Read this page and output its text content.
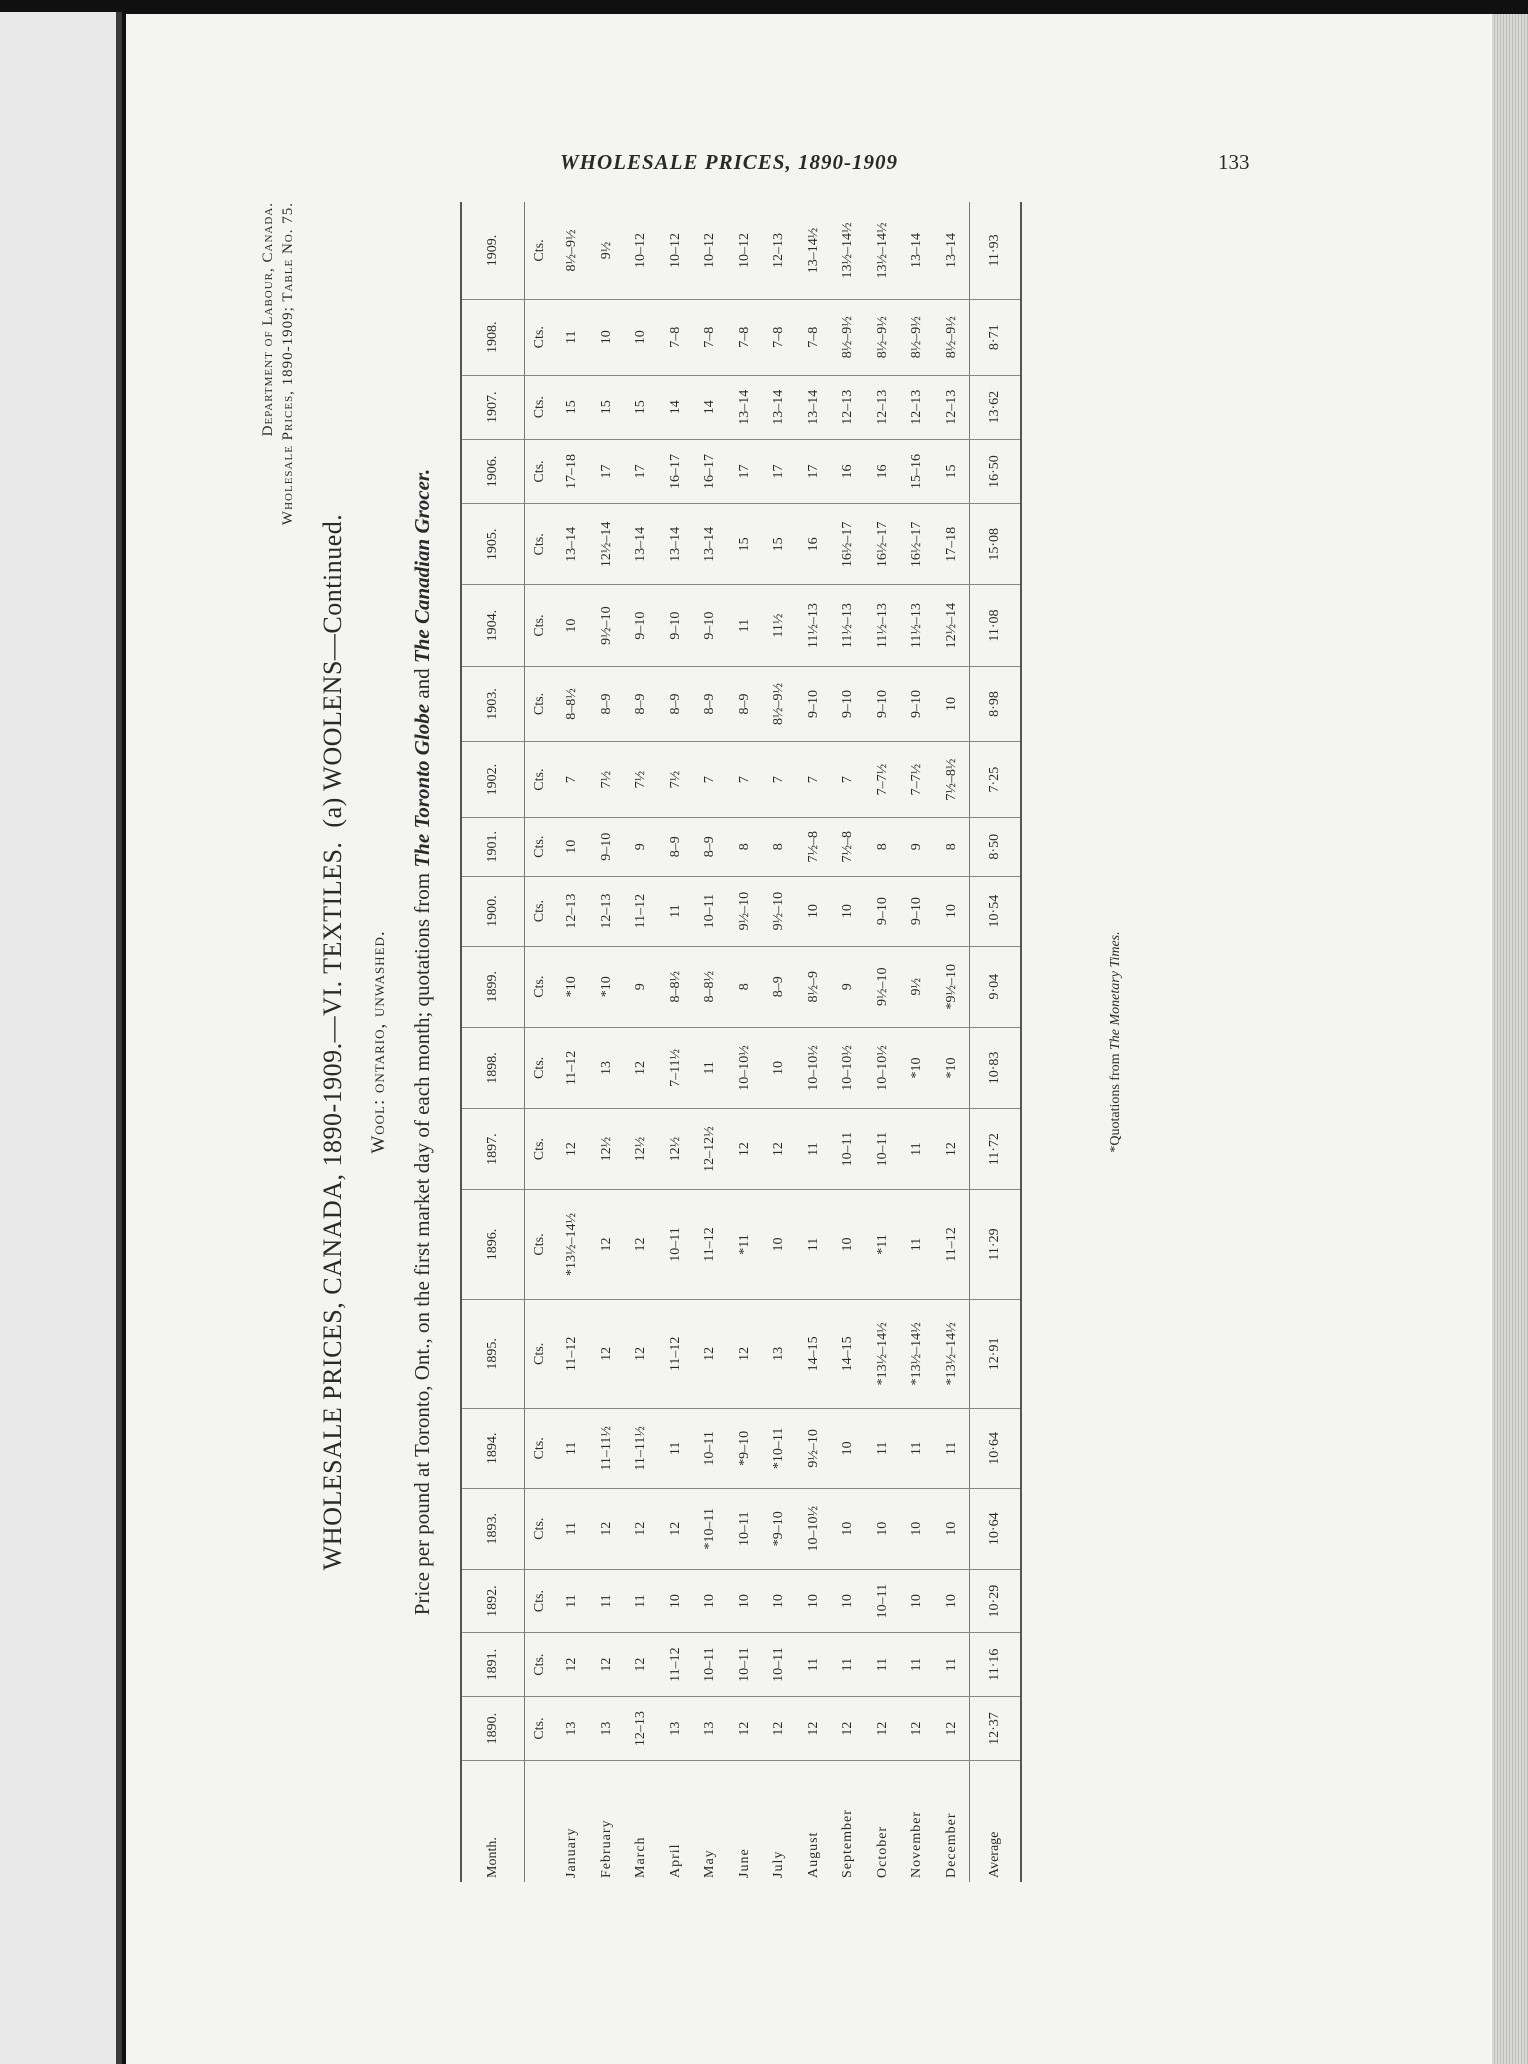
WHOLESALE PRICES, 1890-1909	133
Department of Labour, Canada. Wholesale Prices, 1890-1909; Table No. 75.
WHOLESALE PRICES, CANADA, 1890-1909.—VI. TEXTILES.  (a) WOOLENS—Continued.
Wool: ontario, unwashed. Price per pound at Toronto, Ont., on the first market day of each month; quotations from The Toronto Globe and The Canadian Grocer.
Month.	1890.	1891.	1892.	1893.	1894.	1895.	1896.	1897.	1898.	1899.	1900.	1901.	1902.	1903.	1904.	1905.	1906.	1907.	1908.	1909.
	Cts.	Cts.	Cts.	Cts.	Cts.	Cts.	Cts.	Cts.	Cts.	Cts.	Cts.	Cts.	Cts.	Cts.	Cts.	Cts.	Cts.	Cts.	Cts.	Cts.
January	13	12	11	11	11	11–12	*13½–14½	12	11–12	*10	12–13	10	7	8–8½	10	13–14	17–18	15	11	8½–9½
February	13	12	11	12	11–11½	12	12	12½	13	*10	12–13	9–10	7½	8–9	9½–10	12½–14	17	15	10	9½
March	12–13	12	11	12	11–11½	12	12	12½	12	9	11–12	9	7½	8–9	9–10	13–14	17	15	10	10–12
April	13	11–12	10	12	11	11–12	10–11	12½	7–11½	8–8½	11	8–9	7½	8–9	9–10	13–14	16–17	14	7–8	10–12
May	13	10–11	10	*10–11	10–11	12	11–12	12–12½	11	8–8½	10–11	8–9	7	8–9	9–10	13–14	16–17	14	7–8	10–12
June	12	10–11	10	10–11	*9–10	12	*11	12	10–10½	8	9½–10	8	7	8–9	11	15	17	13–14	7–8	10–12
July	12	10–11	10	*9–10	*10–11	13	10	12	10	8–9	9½–10	8	7	8½–9½	11½	15	17	13–14	7–8	12–13
August	12	11	10	10–10½	9½–10	14–15	11	11	10–10½	8½–9	10	7½–8	7	9–10	11½–13	16	17	13–14	7–8	13–14½
September	12	11	10	10	10	14–15	10	10–11	10–10½	9	10	7½–8	7	9–10	11½–13	16½–17	16	12–13	8½–9½	13½–14½
October	12	11	10–11	10	11	*13½–14½	*11	10–11	10–10½	9½–10	9–10	8	7–7½	9–10	11½–13	16½–17	16	12–13	8½–9½	13½–14½
November	12	11	10	10	11	*13½–14½	11	11	*10	9½	9–10	9	7–7½	9–10	11½–13	16½–17	15–16	12–13	8½–9½	13–14
December	12	11	10	10	11	*13½–14½	11–12	12	*10	*9½–10	10	8	7½–8½	10	12½–14	17–18	15	12–13	8½–9½	13–14
Average	12·37	11·16	10·29	10·64	10·64	12·91	11·29	11·72	10·83	9·04	10·54	8·50	7·25	8·98	11·08	15·08	16·50	13·62	8·71	11·93
*Quotations from The Monetary Times.
